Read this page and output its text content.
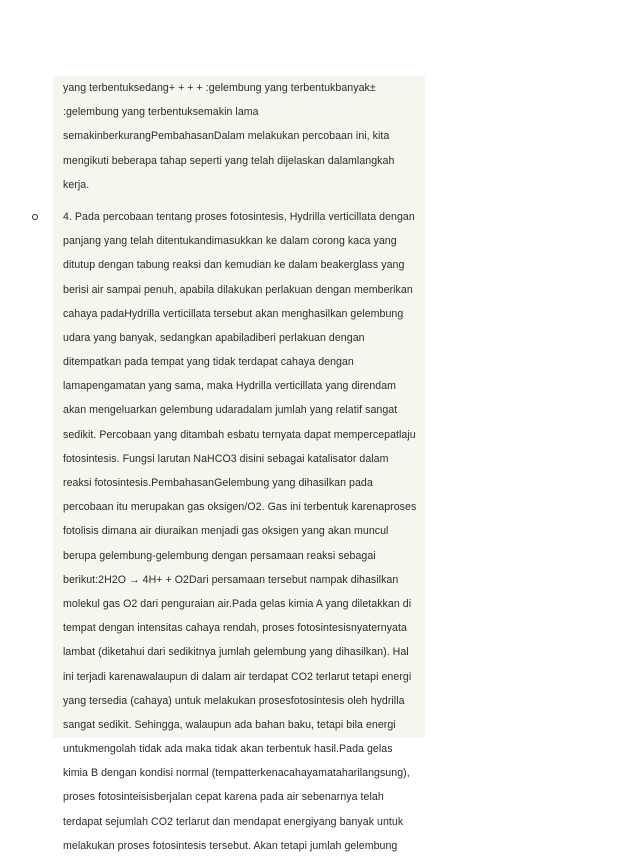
yang terbentuksedang+ + + + :gelembung yang terbentukbanyak±
:gelembung yang terbentuksemakin lama
semakinberkurangPembahasanDalam melakukan percobaan ini, kita
mengikuti beberapa tahap seperti yang telah dijelaskan dalamlangkah
kerja.
4. Pada percobaan tentang proses fotosintesis, Hydrilla verticillata dengan
panjang yang telah ditentukandimasukkan ke dalam corong kaca yang
ditutup dengan tabung reaksi dan kemudian ke dalam beakerglass yang
berisi air sampai penuh, apabila dilakukan perlakuan dengan memberikan
cahaya padaHydrilla verticillata tersebut akan menghasilkan gelembung
udara yang banyak, sedangkan apabiladiberi perlakuan dengan
ditempatkan pada tempat yang tidak terdapat cahaya dengan
lamapengamatan yang sama, maka Hydrilla verticillata yang direndam
akan mengeluarkan gelembung udaradalam jumlah yang relatif sangat
sedikit. Percobaan yang ditambah esbatu ternyata dapat mempercepatlaju
fotosintesis. Fungsi larutan NaHCO3 disini sebagai katalisator dalam
reaksi fotosintesis.PembahasanGelembung yang dihasilkan pada
percobaan itu merupakan gas oksigen/O2. Gas ini terbentuk karenaproses
fotolisis dimana air diuraikan menjadi gas oksigen yang akan muncul
berupa gelembung-gelembung dengan persamaan reaksi sebagai
berikut:2H2O → 4H+ + O2Dari persamaan tersebut nampak dihasilkan
molekul gas O2 dari penguraian air.Pada gelas kimia A yang diletakkan di
tempat dengan intensitas cahaya rendah, proses fotosintesisnyaternyata
lambat (diketahui dari sedikitnya jumlah gelembung yang dihasilkan). Hal
ini terjadi karenawalaupun di dalam air terdapat CO2 terlarut tetapi energi
yang tersedia (cahaya) untuk melakukan prosesfotosintesis oleh hydrilla
sangat sedikit. Sehingga, walaupun ada bahan baku, tetapi bila energi
untukmengolah tidak ada maka tidak akan terbentuk hasil.Pada gelas
kimia B dengan kondisi normal (tempatterkenacahayamataharilangsung),
proses fotosinteisisberjalan cepat karena pada air sebenarnya telah
terdapat sejumlah CO2 terlarut dan mendapat energiyang banyak untuk
melakukan proses fotosintesis tersebut. Akan tetapi jumlah gelembung
